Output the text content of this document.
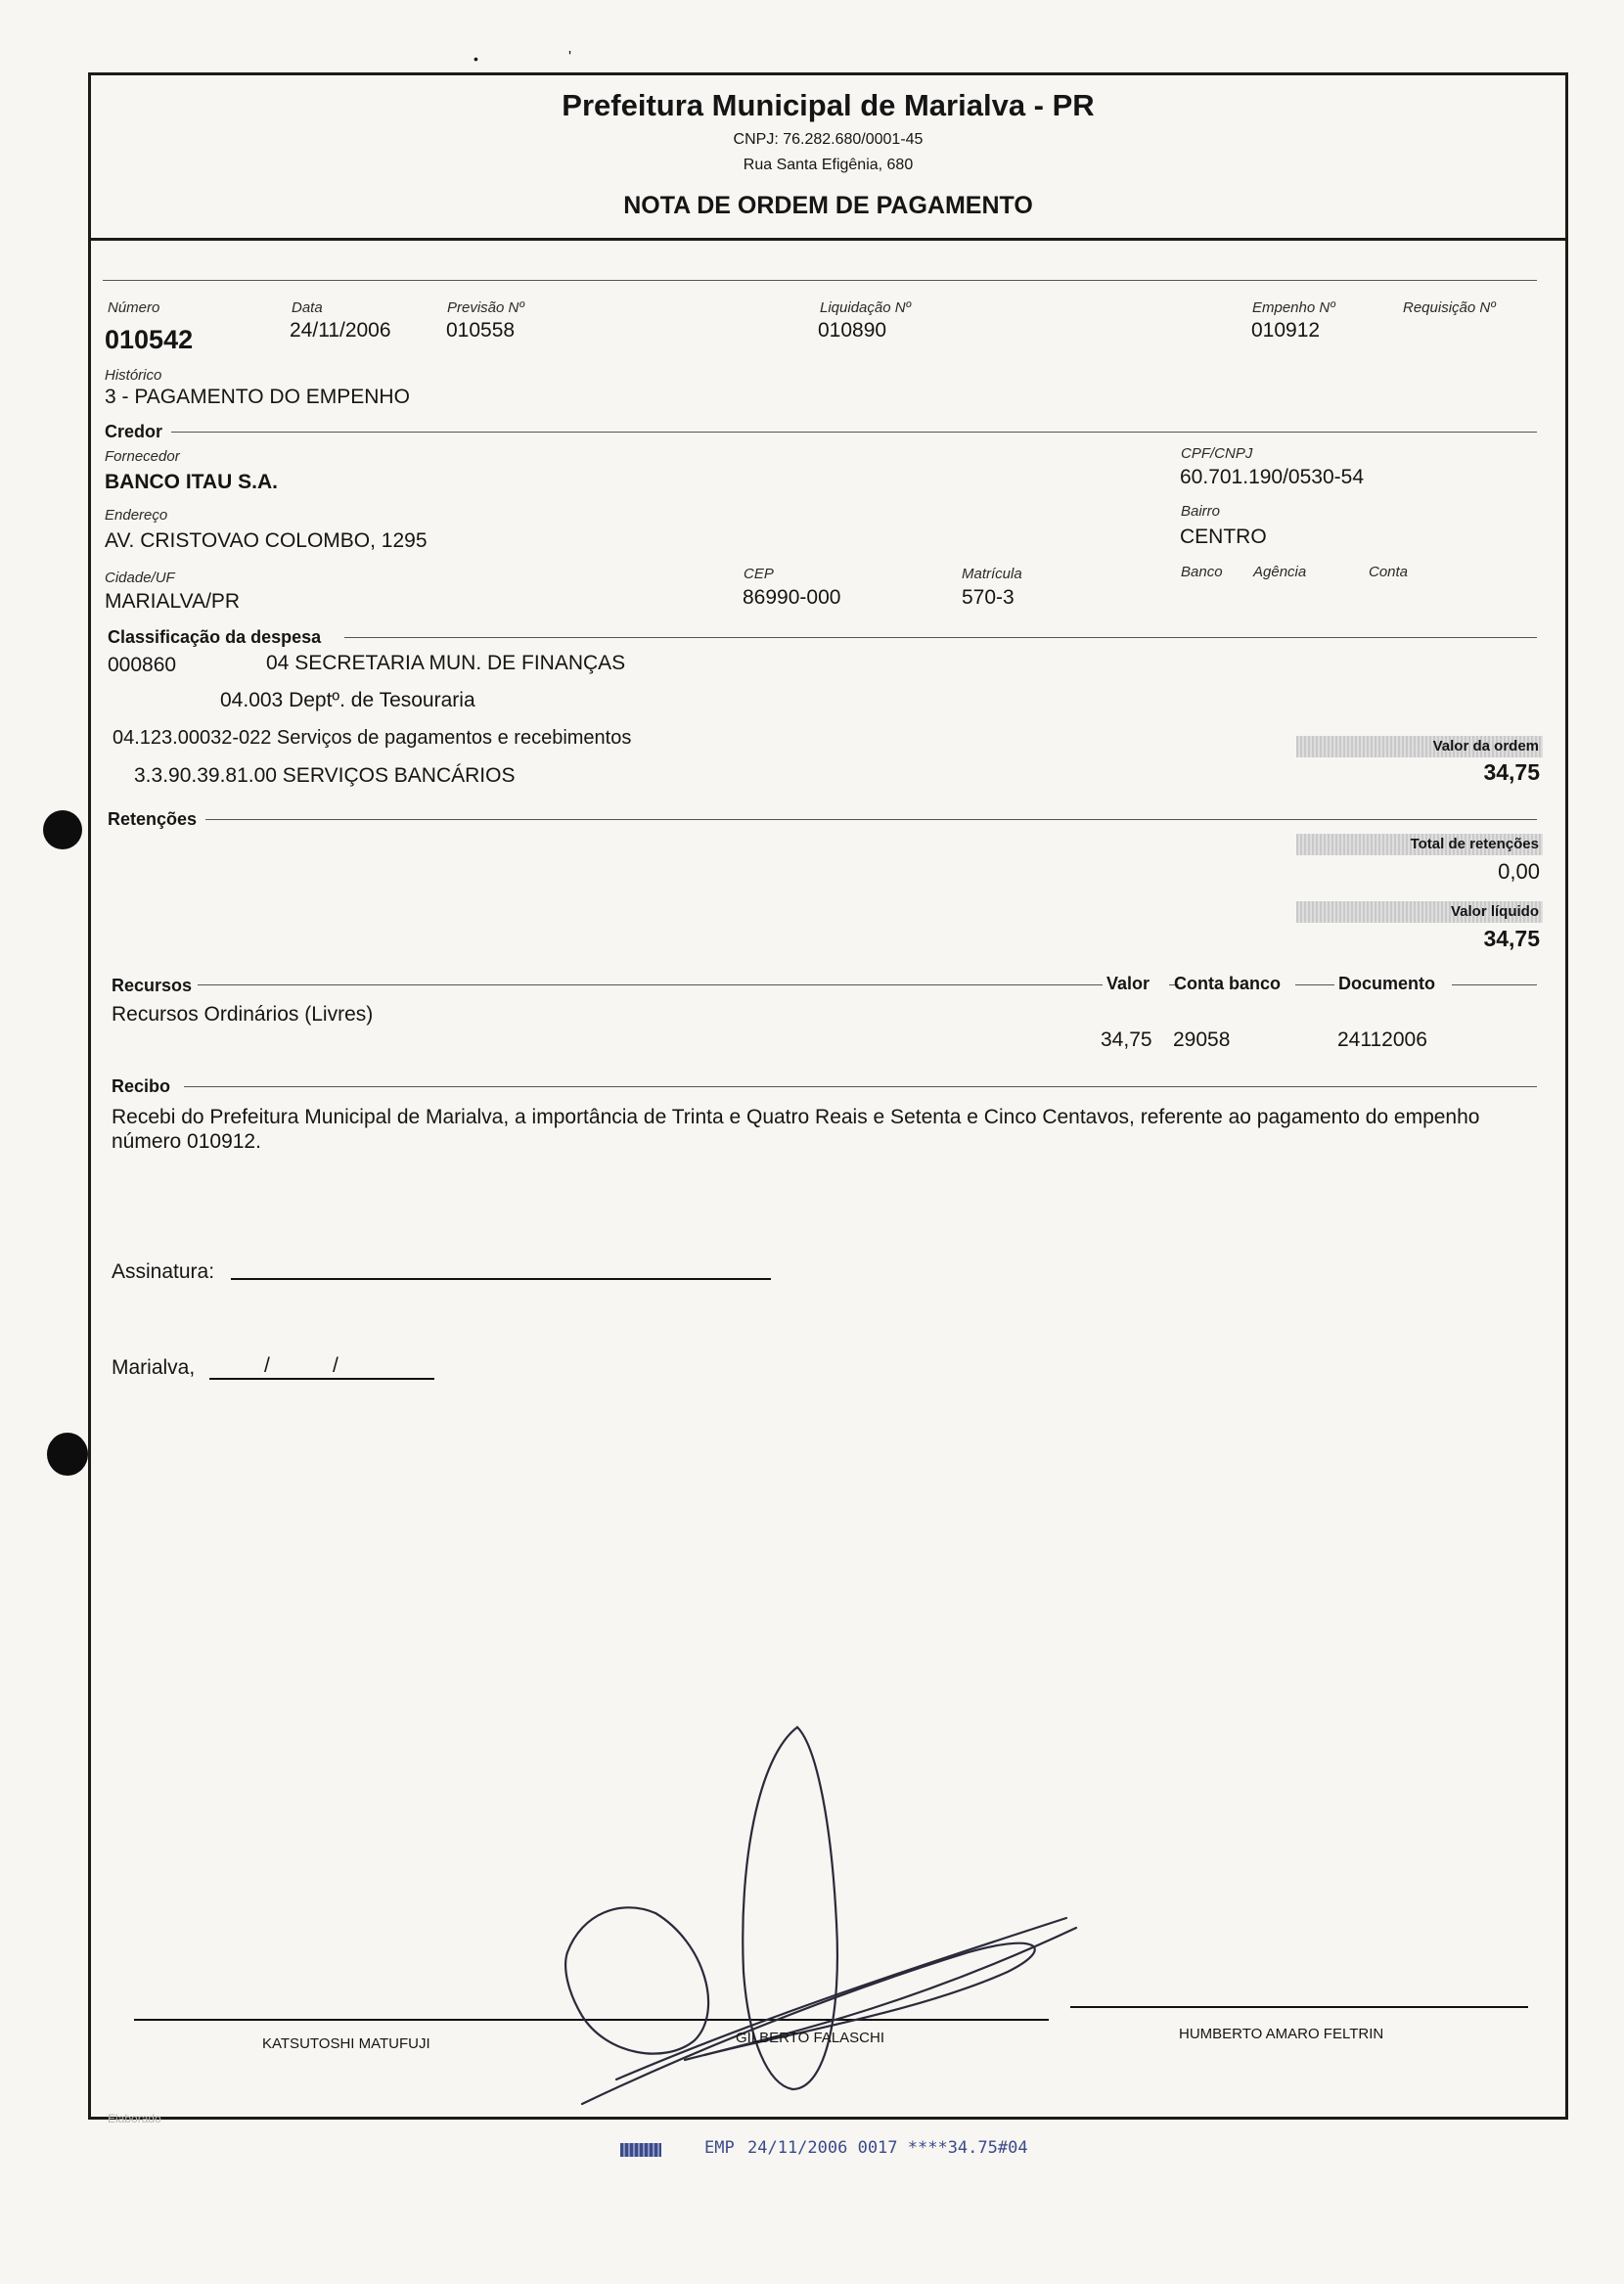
•	'
Prefeitura Municipal de Marialva - PR
CNPJ: 76.282.680/0001-45
Rua Santa Efigênia, 680
NOTA DE ORDEM DE PAGAMENTO
Número
010542
Data
24/11/2006
Previsão Nº
010558
Liquidação Nº
010890
Empenho Nº
010912
Requisição Nº
Histórico
3 - PAGAMENTO DO EMPENHO
Credor
Fornecedor
BANCO ITAU S.A.
CPF/CNPJ
60.701.190/0530-54
Endereço
AV. CRISTOVAO COLOMBO, 1295
Bairro
CENTRO
Cidade/UF
MARIALVA/PR
CEP
86990-000
Matrícula
570-3
Banco Agência	Conta
Classificação da despesa
000860	04 SECRETARIA MUN. DE FINANÇAS
04.003 Deptº. de Tesouraria
04.123.00032-022 Serviços de pagamentos e recebimentos
3.3.90.39.81.00 SERVIÇOS BANCÁRIOS
Valor da ordem
34,75
Retenções
Total de retenções
0,00
Valor líquido
34,75
Recursos	Valor Conta banco	Documento
Recursos Ordinários (Livres)
34,75 29058	24112006
Recibo
Recebi do Prefeitura Municipal de Marialva, a importância de Trinta e Quatro Reais e Setenta e Cinco Centavos, referente ao pagamento do empenho número 010912.
Assinatura:
Marialva,	/	/
KATSUTOSHI MATUFUJI	GILBERTO FALASCHI	HUMBERTO AMARO FELTRIN
Elaborado
EMP 24/11/2006 0017 ****34.75#04
